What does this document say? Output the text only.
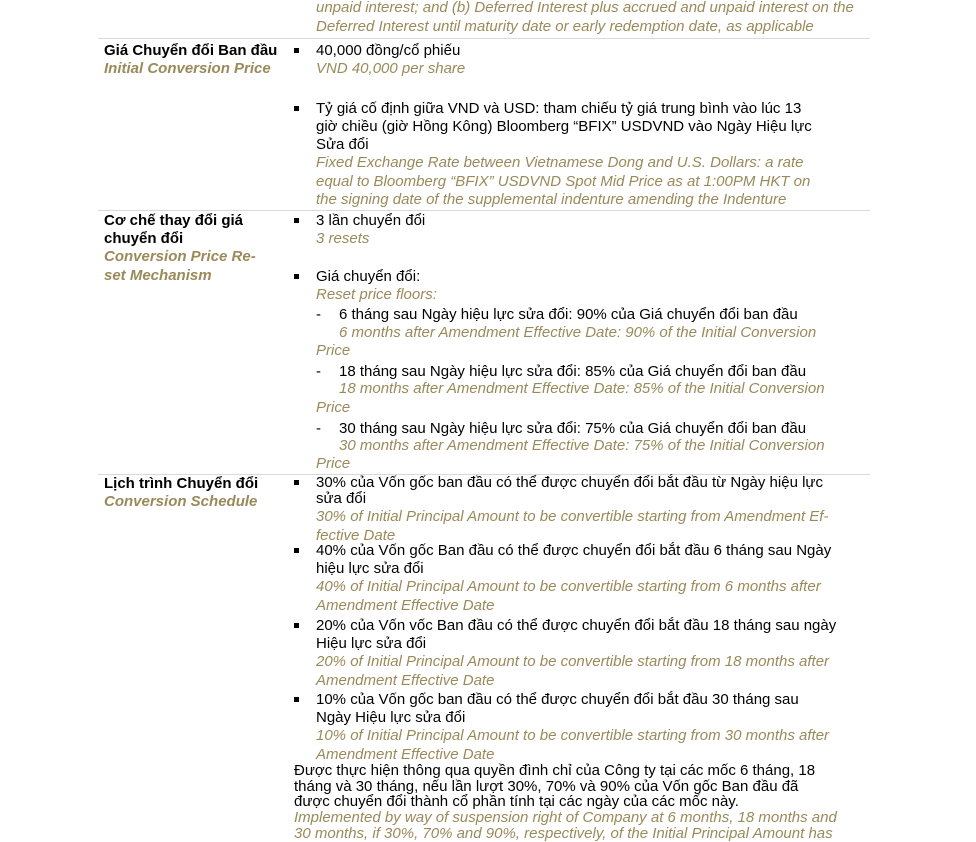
unpaid interest; and (b) Deferred Interest plus accrued and unpaid interest on the
Deferred Interest until maturity date or early redemption date, as applicable
Giá Chuyển đổi Ban đầu
Initial Conversion Price
40,000 đồng/cổ phiếu
VND 40,000 per share
Tỷ giá cố định giữa VND và USD: tham chiếu tỷ giá trung bình vào lúc 13
giờ chiều (giờ Hồng Kông) Bloomberg “BFIX” USDVND vào Ngày Hiệu lực
Sửa đổi
Fixed Exchange Rate between Vietnamese Dong and U.S. Dollars: a rate
equal to Bloomberg “BFIX” USDVND Spot Mid Price as at 1:00PM HKT on
the signing date of the supplemental indenture amending the Indenture
Cơ chế thay đổi giá
chuyển đổi
Conversion Price Re-
set Mechanism
3 lần chuyển đổi
3 resets
Giá chuyển đổi:
Reset price floors:
- 6 tháng sau Ngày hiệu lực sửa đổi: 90% của Giá chuyển đổi ban đầu
6 months after Amendment Effective Date: 90% of the Initial Conversion
Price
- 18 tháng sau Ngày hiệu lực sửa đổi: 85% của Giá chuyển đổi ban đầu
18 months after Amendment Effective Date: 85% of the Initial Conversion
Price
- 30 tháng sau Ngày hiệu lực sửa đổi: 75% của Giá chuyển đổi ban đầu
30 months after Amendment Effective Date: 75% of the Initial Conversion
Price
Lịch trình Chuyển đổi
Conversion Schedule
30% của Vốn gốc ban đầu có thể được chuyển đổi bắt đầu từ Ngày hiệu lực
sửa đổi
30% of Initial Principal Amount to be convertible starting from Amendment Ef-
fective Date
40% của Vốn gốc Ban đầu có thể được chuyển đổi bắt đầu 6 tháng sau Ngày
hiệu lực sửa đổi
40% of Initial Principal Amount to be convertible starting from 6 months after
Amendment Effective Date
20% của Vốn vốc Ban đầu có thể được chuyển đổi bắt đầu 18 tháng sau ngày
Hiệu lực sửa đổi
20% of Initial Principal Amount to be convertible starting from 18 months after
Amendment Effective Date
10% của Vốn gốc ban đầu có thể được chuyển đổi bắt đầu 30 tháng sau
Ngày Hiệu lực sửa đổi
10% of Initial Principal Amount to be convertible starting from 30 months after
Amendment Effective Date
Được thực hiện thông qua quyền đình chỉ của Công ty tại các mốc 6 tháng, 18
tháng và 30 tháng, nếu lần lượt 30%, 70% và 90% của Vốn gốc Ban đầu đã
được chuyển đổi thành cổ phần tính tại các ngày của các mốc này.
Implemented by way of suspension right of Company at 6 months, 18 months and
30 months, if 30%, 70% and 90%, respectively, of the Initial Principal Amount has
